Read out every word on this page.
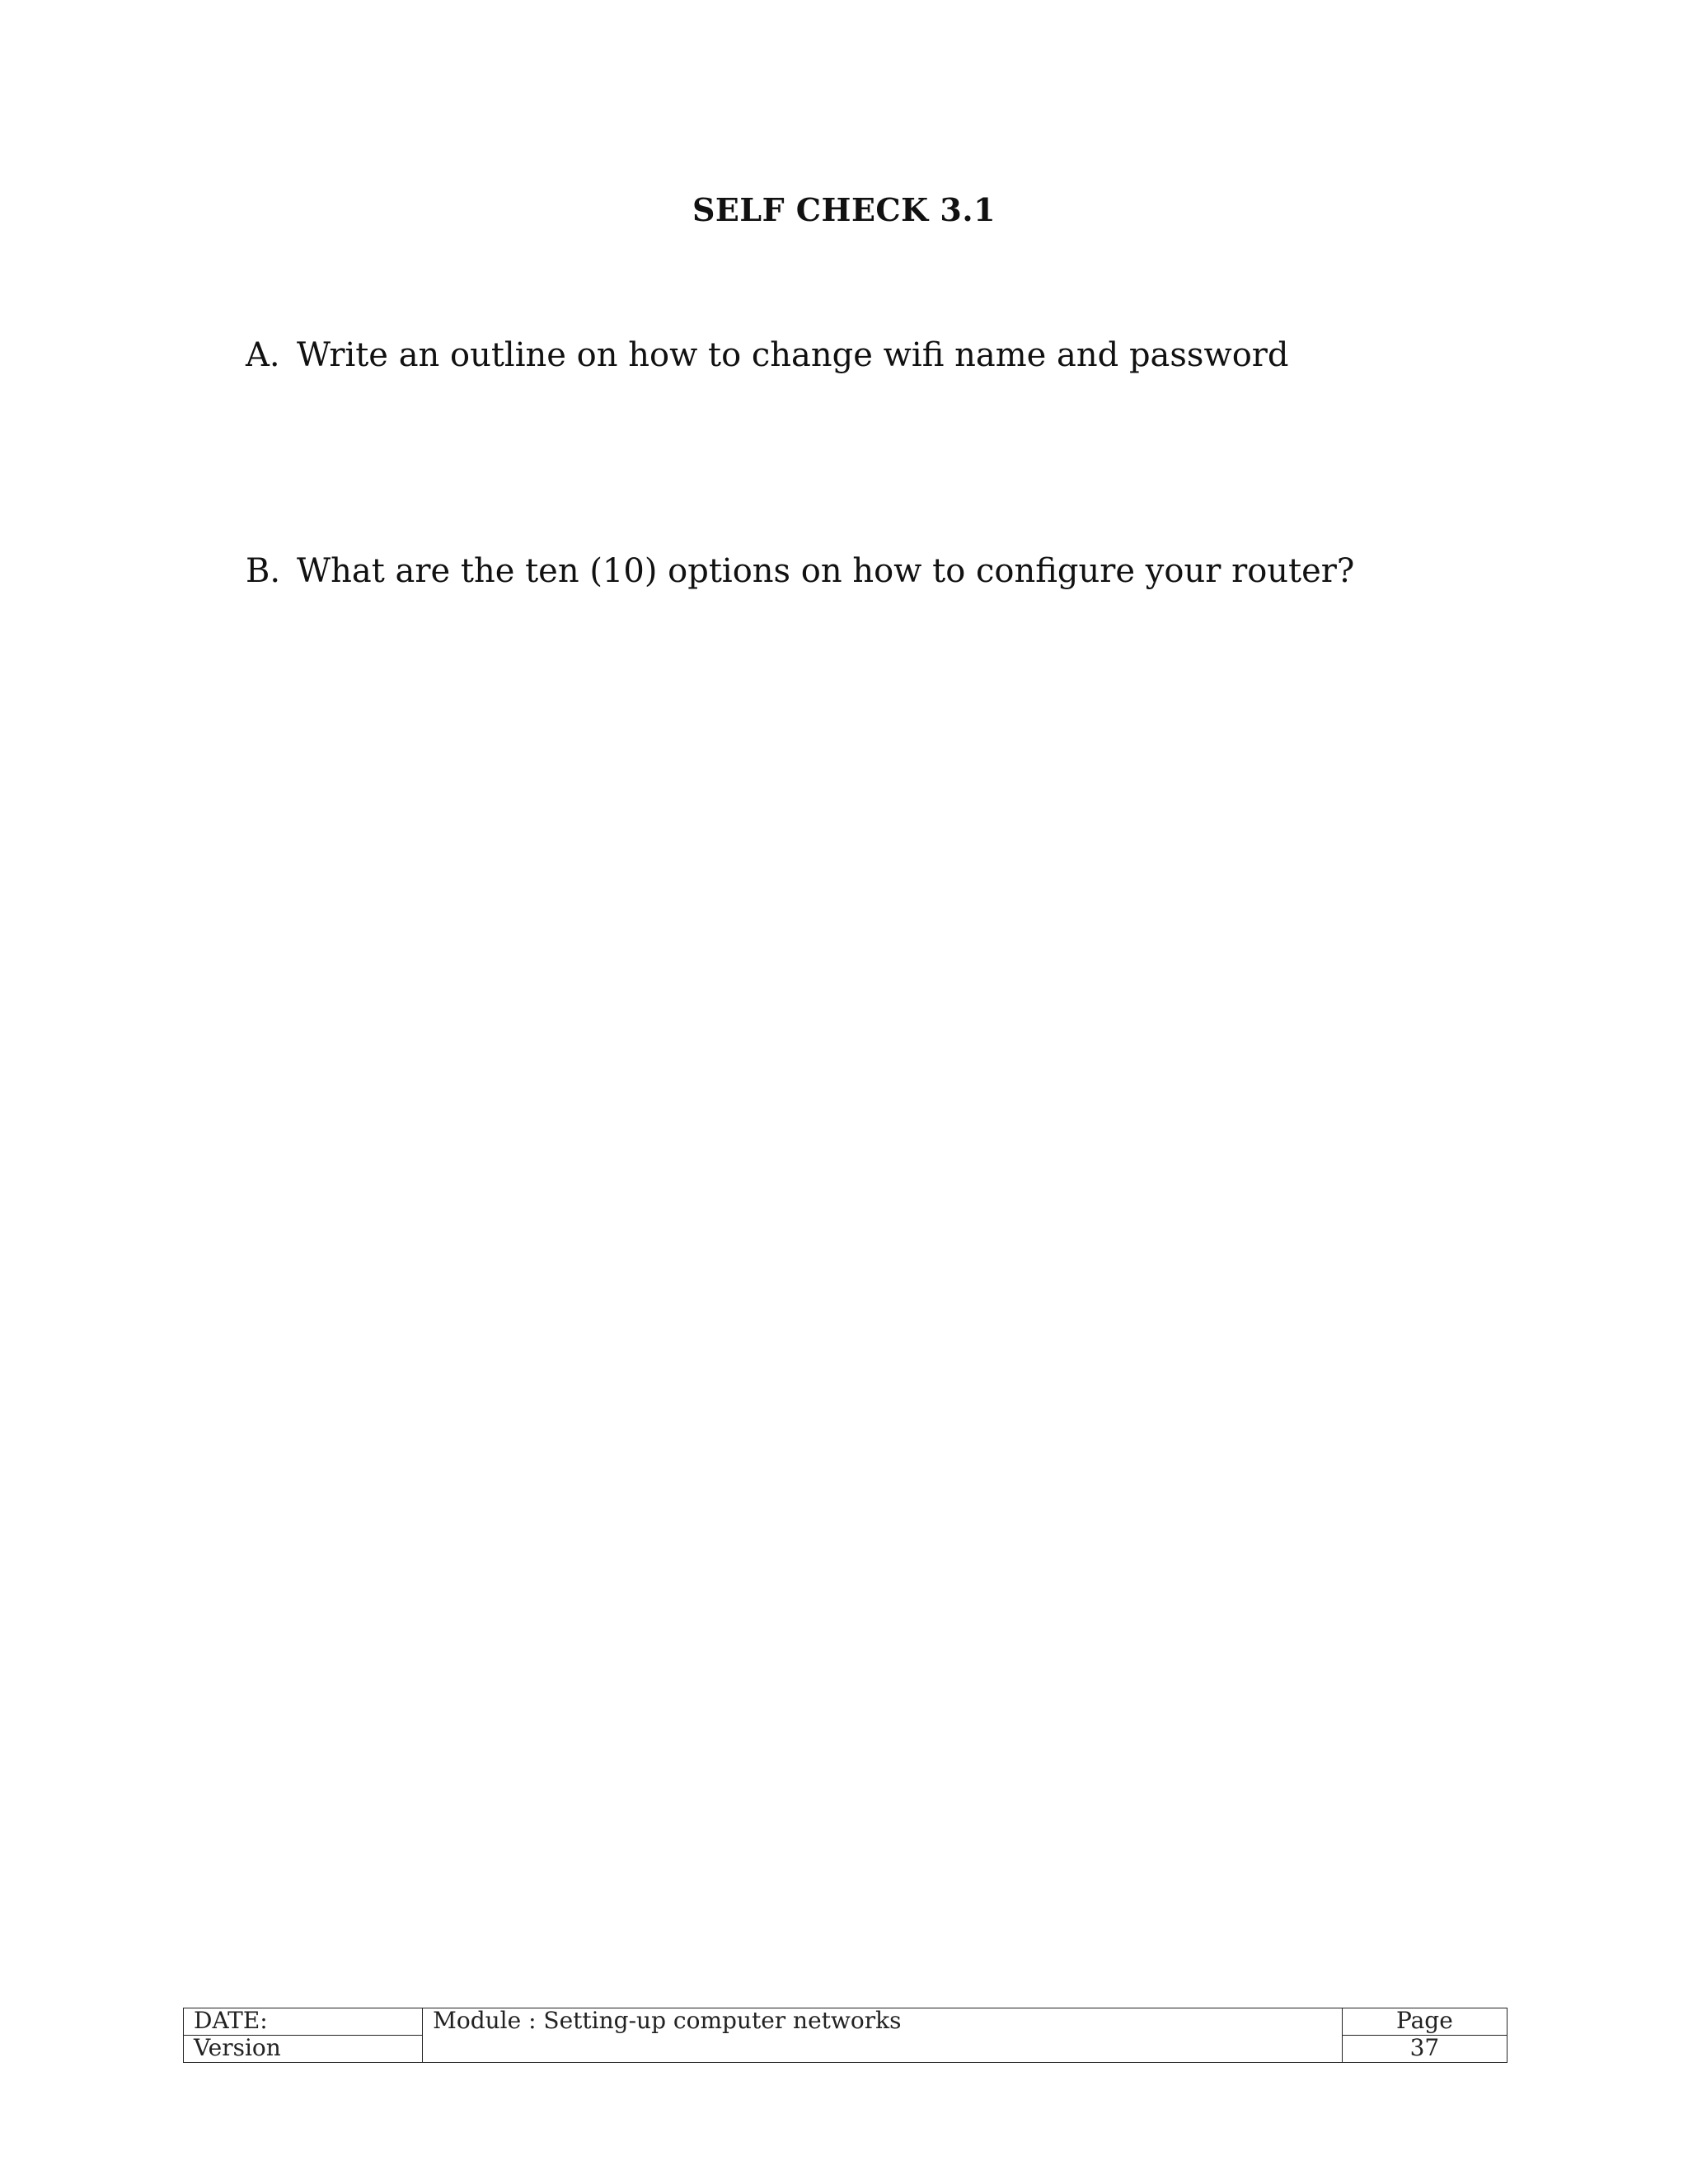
SELF CHECK 3.1
A. Write an outline on how to change wifi name and password
B. What are the ten (10) options on how to configure your router?
DATE:	Module : Setting-up computer networks	Page
Version		37
